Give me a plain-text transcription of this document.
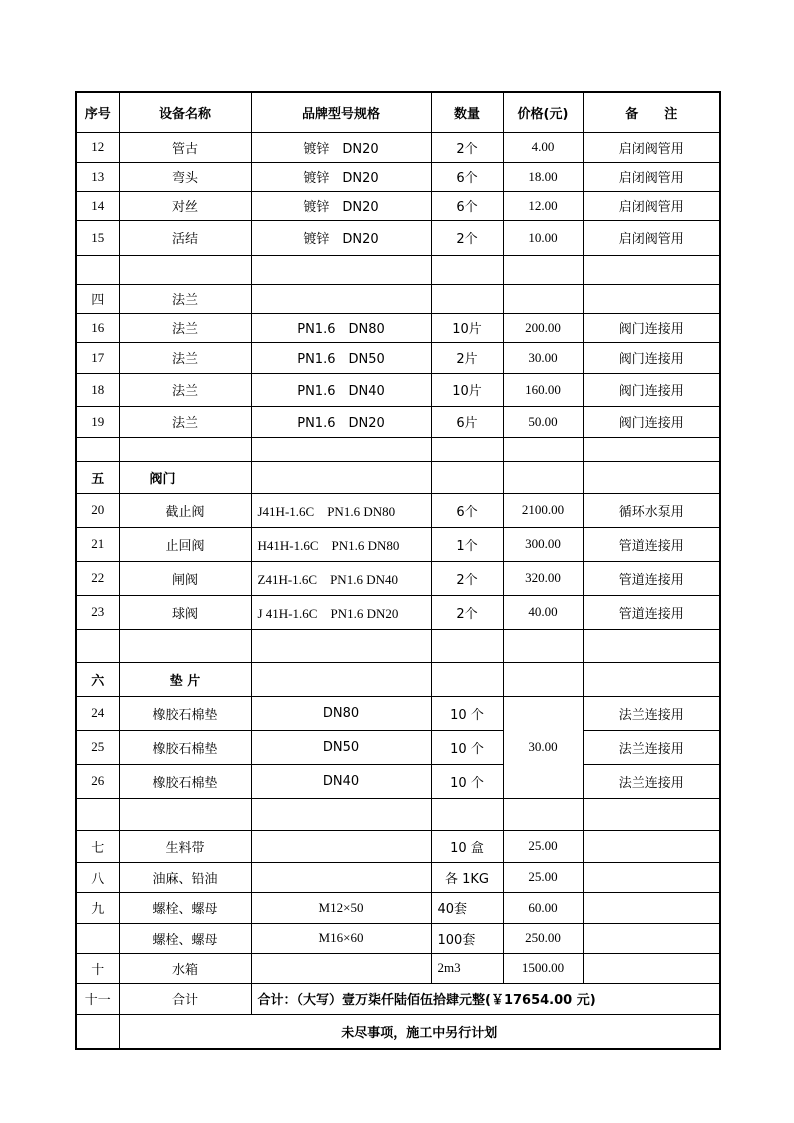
序号	设备名称	品牌型号规格	数量	价格(元)	备　　注
12	管古	镀锌　DN20	2个	4.00	启闭阀管用
13	弯头	镀锌　DN20	6个	18.00	启闭阀管用
14	对丝	镀锌　DN20	6个	12.00	启闭阀管用
15	活结	镀锌　DN20	2个	10.00	启闭阀管用

四	法兰				
16	法兰	PN1.6　DN80	10片	200.00	阀门连接用
17	法兰	PN1.6　DN50	2片	30.00	阀门连接用
18	法兰	PN1.6　DN40	10片	160.00	阀门连接用
19	法兰	PN1.6　DN20	6片	50.00	阀门连接用

五	阀门				
20	截止阀	J41H-1.6C　PN1.6 DN80	6个	2100.00	循环水泵用
21	止回阀	H41H-1.6C　PN1.6 DN80	1个	300.00	管道连接用
22	闸阀	Z41H-1.6C　PN1.6 DN40	2个	320.00	管道连接用
23	球阀	J 41H-1.6C　PN1.6 DN20	2个	40.00	管道连接用

六	垫 片				
24	橡胶石棉垫	DN80	10 个	30.00	法兰连接用
25	橡胶石棉垫	DN50	10 个		法兰连接用
26	橡胶石棉垫	DN40	10 个		法兰连接用

七	生料带		10 盒	25.00	
八	油麻、铅油		各 1KG	25.00	
九	螺栓、螺母	M12×50	40套	60.00	
	螺栓、螺母	M16×60	100套	250.00	
十	水箱		2m3	1500.00	
十一	合计	合计：（大写）壹万柒仟陆佰伍拾肆元整(￥17654.00 元)			
	未尽事项，施工中另行计划				
